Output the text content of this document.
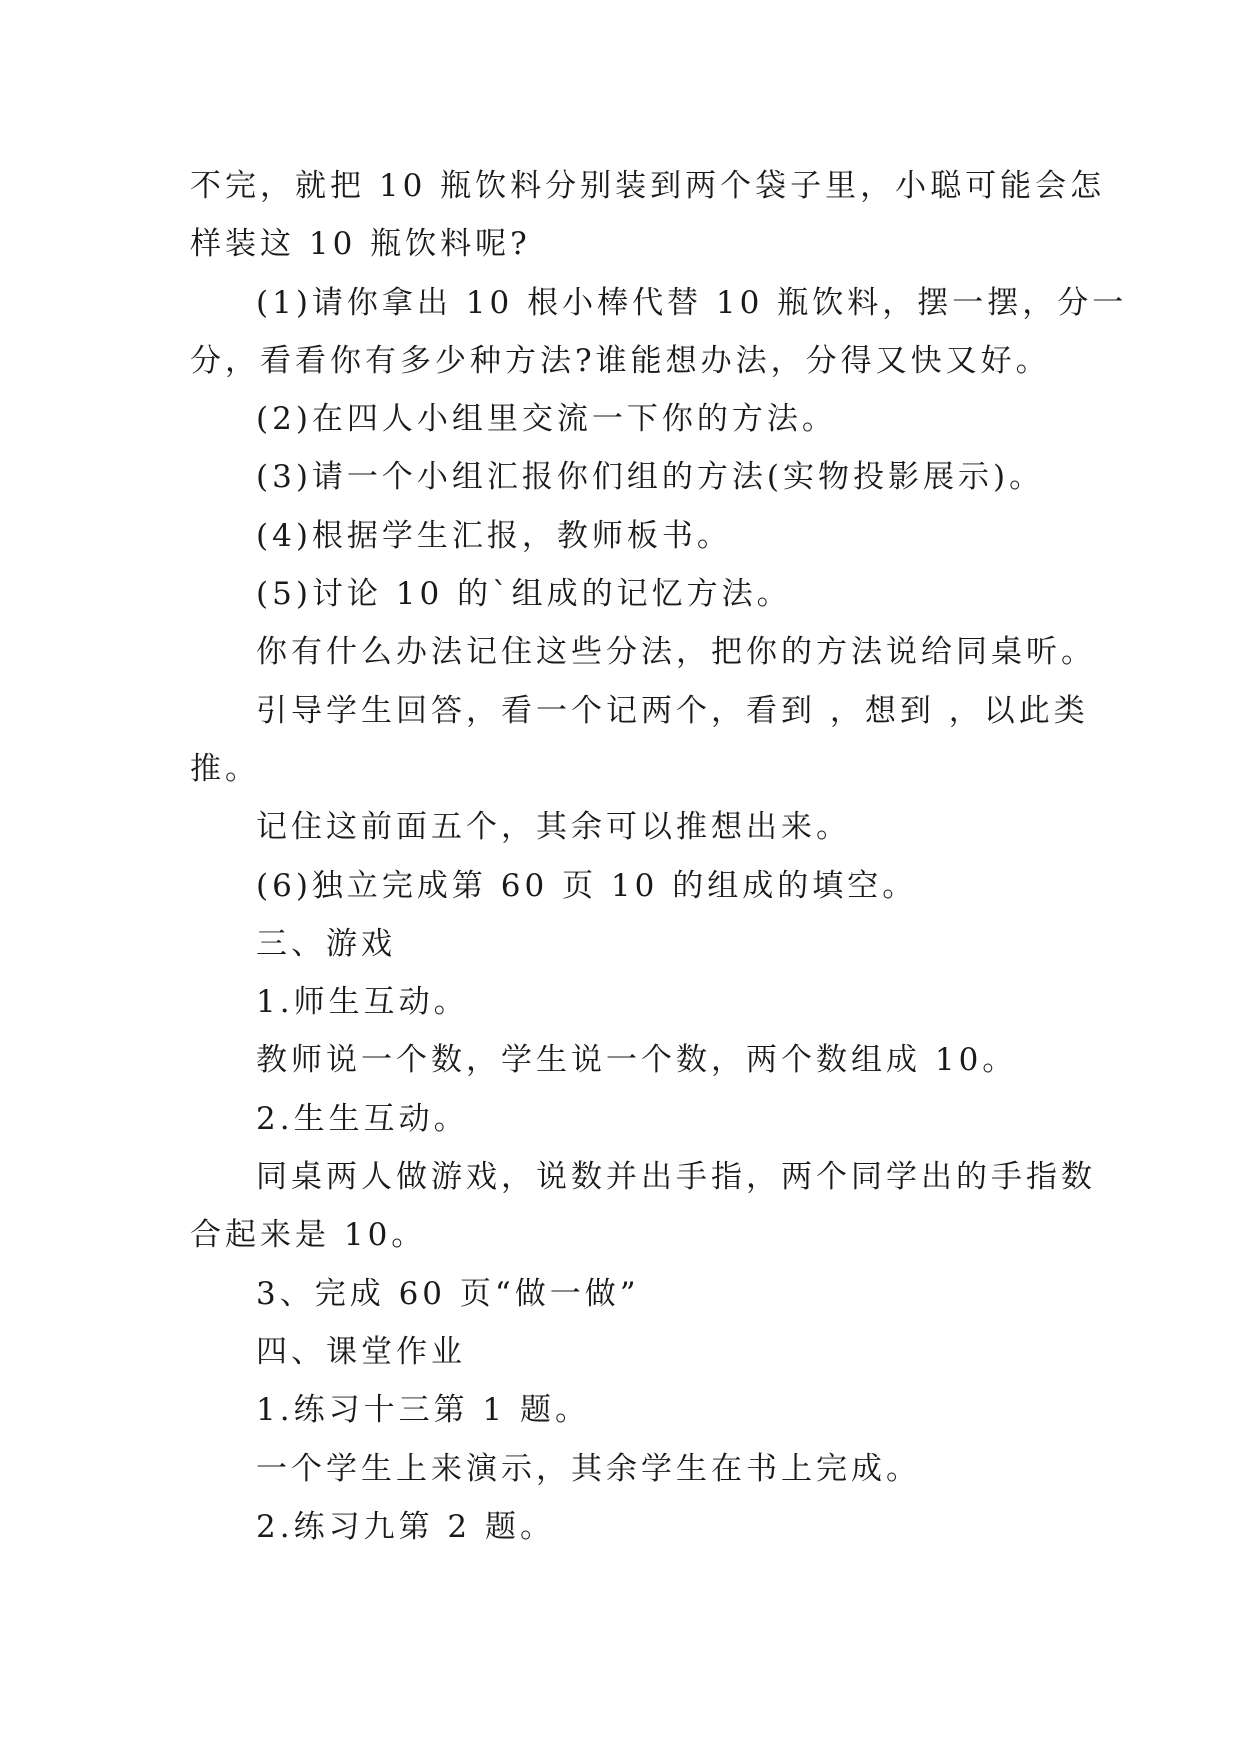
不完，就把 10 瓶饮料分别装到两个袋子里，小聪可能会怎
样装这 10 瓶饮料呢?
(1)请你拿出 10 根小棒代替 10 瓶饮料，摆一摆，分一
分，看看你有多少种方法?谁能想办法，分得又快又好。
(2)在四人小组里交流一下你的方法。
(3)请一个小组汇报你们组的方法(实物投影展示)。
(4)根据学生汇报，教师板书。
(5)讨论 10 的`组成的记忆方法。
你有什么办法记住这些分法，把你的方法说给同桌听。
引导学生回答，看一个记两个，看到 ，想到 ，以此类
推。
记住这前面五个，其余可以推想出来。
(6)独立完成第 60 页 10 的组成的填空。
三、游戏
1.师生互动。
教师说一个数，学生说一个数，两个数组成 10。
2.生生互动。
同桌两人做游戏，说数并出手指，两个同学出的手指数
合起来是 10。
3、完成 60 页“做一做”
四、课堂作业
1.练习十三第 1 题。
一个学生上来演示，其余学生在书上完成。
2.练习九第 2 题。
